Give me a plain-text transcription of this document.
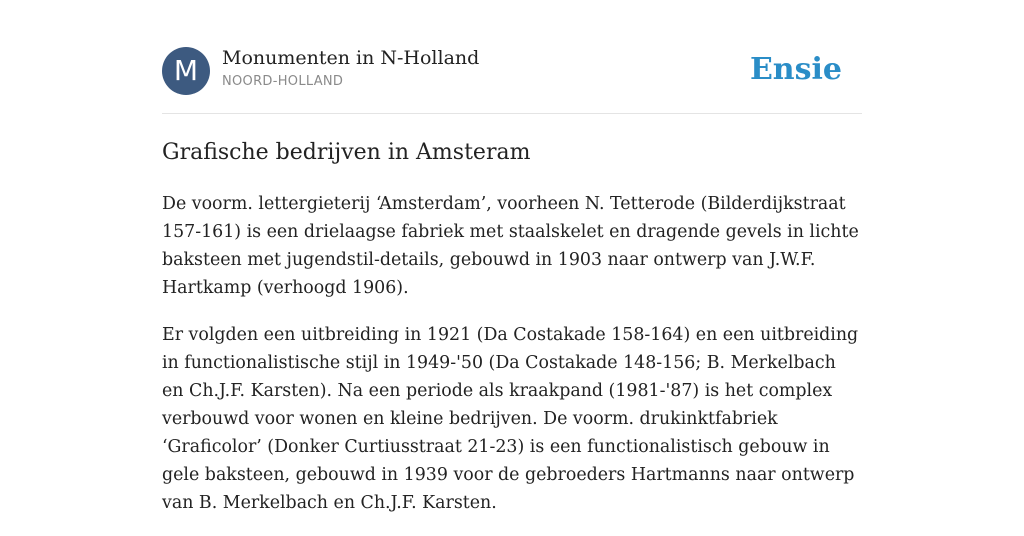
M	Monumenten in N-Holland
NOORD-HOLLAND	Ensie
Grafische bedrijven in Amsteram

De voorm. lettergieterij ‘Amsterdam’, voorheen N. Tetterode (Bilderdijkstraat 157-161) is een drielaagse fabriek met staalskelet en dragende gevels in lichte baksteen met jugendstil-details, gebouwd in 1903 naar ontwerp van J.W.F. Hartkamp (verhoogd 1906).

Er volgden een uitbreiding in 1921 (Da Costakade 158-164) en een uitbreiding in functionalistische stijl in 1949-'50 (Da Costakade 148-156; B. Merkelbach en Ch.J.F. Karsten). Na een periode als kraakpand (1981-'87) is het complex verbouwd voor wonen en kleine bedrijven. De voorm. drukinktfabriek ‘Graficolor’ (Donker Curtiusstraat 21-23) is een functionalistisch gebouw in gele baksteen, gebouwd in 1939 voor de gebroeders Hartmanns naar ontwerp van B. Merkelbach en Ch.J.F. Karsten.
